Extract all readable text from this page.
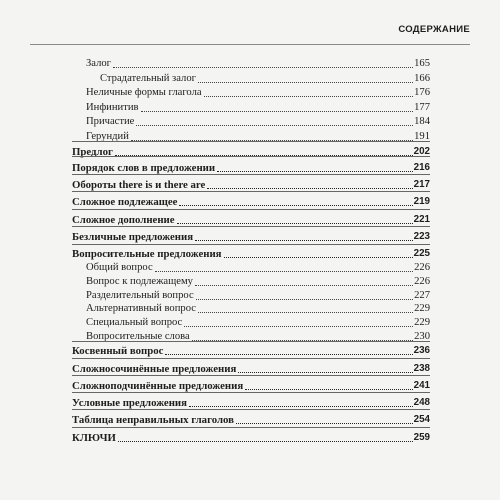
СОДЕРЖАНИЕ
Залог	165
Страдательный залог	166
Неличные формы глагола	176
Инфинитив	177
Причастие	184
Герундий	191
Предлог	202
Порядок слов в предложении	216
Обороты there is и there are	217
Сложное подлежащее	219
Сложное дополнение	221
Безличные предложения	223
Вопросительные предложения	225
Общий вопрос	226
Вопрос к подлежащему	226
Разделительный вопрос	227
Альтернативный вопрос	229
Специальный вопрос	229
Вопросительные слова	230
Косвенный вопрос	236
Сложносочинённые предложения	238
Сложноподчинённые предложения	241
Условные предложения	248
Таблица неправильных глаголов	254
КЛЮЧИ	259
